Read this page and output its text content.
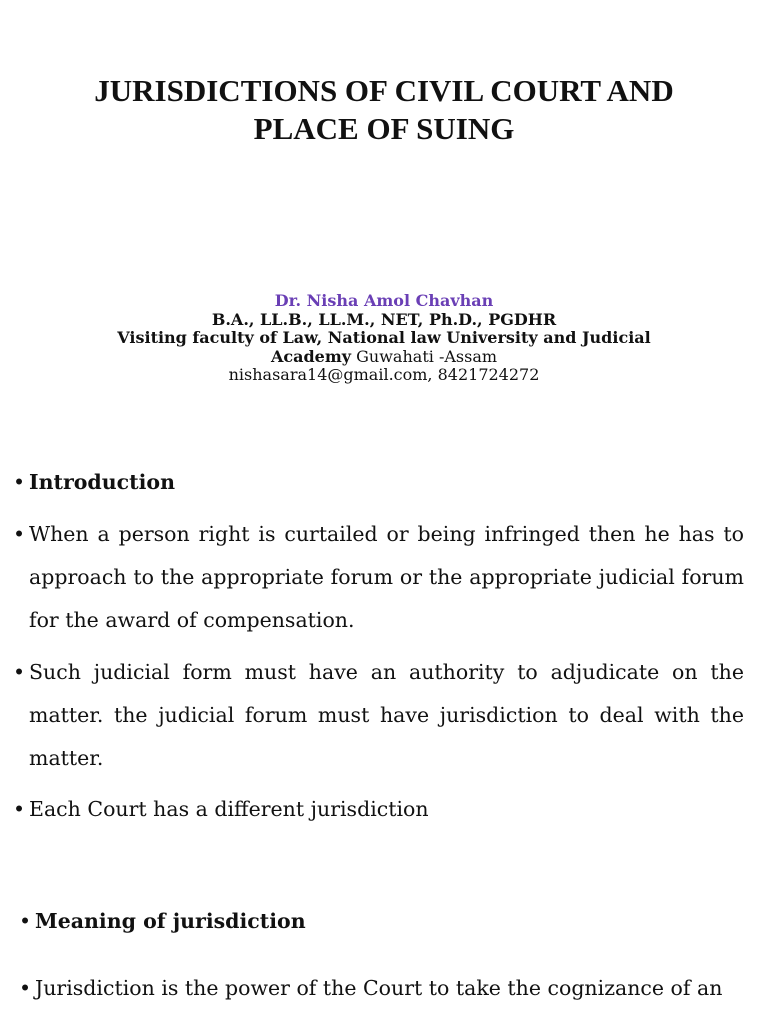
JURISDICTIONS OF CIVIL COURT AND
PLACE OF SUING
Dr. Nisha Amol Chavhan
B.A., LL.B., LL.M., NET, Ph.D., PGDHR
Visiting faculty of Law, National law University and Judicial
Academy Guwahati -Assam
nishasara14@gmail.com, 8421724272
• Introduction
• When a person right is curtailed or being infringed then he has to approach to the appropriate forum or the appropriate judicial forum for the award of compensation.
• Such judicial form must have an authority to adjudicate on the matter. the judicial forum must have jurisdiction to deal with the matter.
• Each Court has a different jurisdiction
• Meaning of jurisdiction
• Jurisdiction is the power of the Court to take the cognizance of an
